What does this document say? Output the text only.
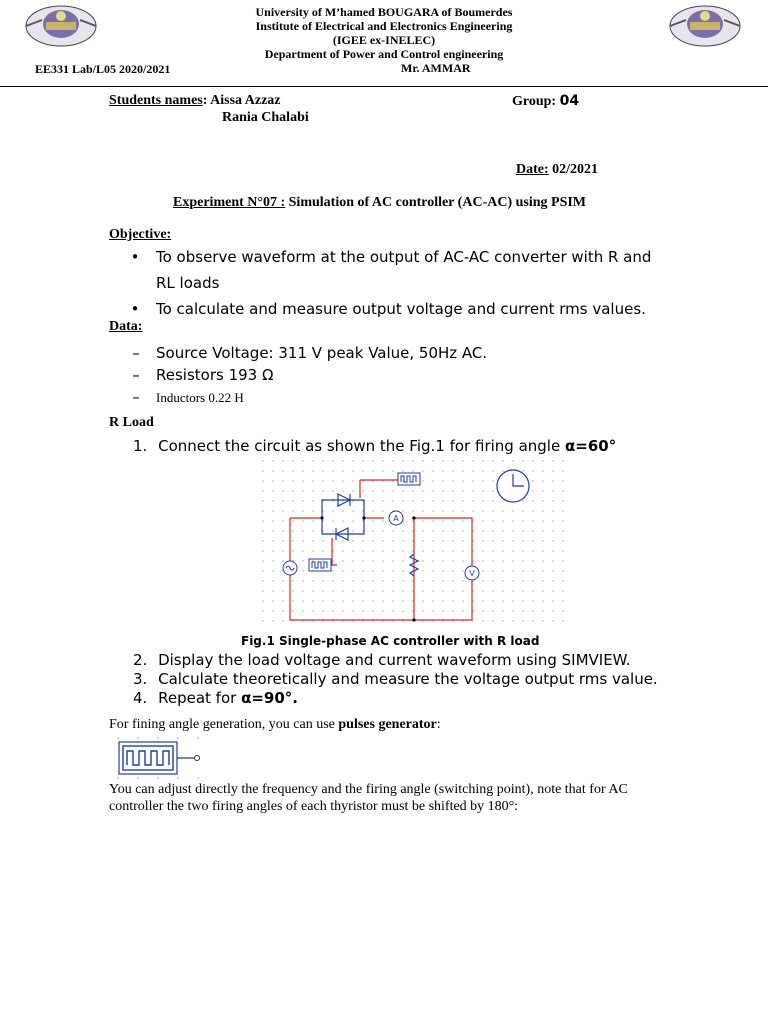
University of M’hamed BOUGARA of Boumerdes
Institute of Electrical and Electronics Engineering
(IGEE ex-INELEC)
Department of Power and Control engineering
EE331 Lab/L05 2020/2021	Mr. AMMAR
Students names: Aissa Azzaz
Rania Chalabi
Group: 04
Date: 02/2021
Experiment N°07 : Simulation of AC controller (AC-AC) using PSIM
Objective:
•	To observe waveform at the output of AC-AC converter with R and
RL loads
•	To calculate and measure output voltage and current rms values.
Data:
– Source Voltage: 311 V peak Value, 50Hz AC.
– Resistors 193 Ω
– Inductors 0.22 H
R Load
1. Connect the circuit as shown the Fig.1 for firing angle α=60°
A
V
Fig.1 Single-phase AC controller with R load
2. Display the load voltage and current waveform using SIMVIEW.
3. Calculate theoretically and measure the voltage output rms value.
4. Repeat for α=90°.
For fining angle generation, you can use pulses generator:
You can adjust directly the frequency and the firing angle (switching point), note that for AC
controller the two firing angles of each thyristor must be shifted by 180°:
